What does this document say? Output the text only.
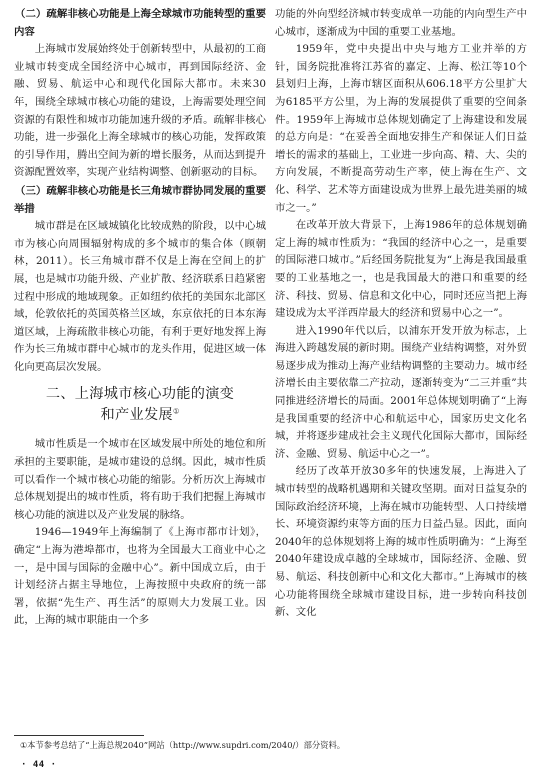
（二）疏解非核心功能是上海全球城市功能转型的重要内容

上海城市发展始终处于创新转型中，从最初的工商业城市转变成全国经济中心城市，再到国际经济、金融、贸易、航运中心和现代化国际大都市。未来30年，围绕全球城市核心功能的建设，上海需要处理空间资源的有限性和城市功能加速升级的矛盾。疏解非核心功能，进一步强化上海全球城市的核心功能，发挥政策的引导作用，腾出空间为新的增长服务，从而达到提升资源配置效率，实现产业结构调整、创新驱动的目标。

（三）疏解非核心功能是长三角城市群协同发展的重要举措

城市群是在区域城镇化比较成熟的阶段，以中心城市为核心向周围辐射构成的多个城市的集合体（顾朝林，2011）。长三角城市群不仅是上海在空间上的扩展，也是城市功能升级、产业扩散、经济联系日趋紧密过程中形成的地域现象。正如纽约依托的美国东北部区域，伦敦依托的英国英格兰区域，东京依托的日本东海道区域，上海疏散非核心功能，有利于更好地发挥上海作为长三角城市群中心城市的龙头作用，促进区域一体化向更高层次发展。

二、上海城市核心功能的演变
和产业发展①

城市性质是一个城市在区域发展中所处的地位和所承担的主要职能，是城市建设的总纲。因此，城市性质可以看作一个城市核心功能的缩影。分析历次上海城市总体规划提出的城市性质，将有助于我们把握上海城市核心功能的演进以及产业发展的脉络。

1946—1949年上海编制了《上海市都市计划》，确定“上海为港埠都市，也将为全国最大工商业中心之一，是中国与国际的金融中心”。新中国成立后，由于计划经济占据主导地位，上海按照中央政府的统一部署，依据“先生产、再生活”的原则大力发展工业。因此，上海的城市职能由一个多

功能的外向型经济城市转变成单一功能的内向型生产中心城市，逐渐成为中国的重要工业基地。

1959年，党中央提出中央与地方工业并举的方针，国务院批准将江苏省的嘉定、上海、松江等10个县划归上海，上海市辖区面积从606.18平方公里扩大为6185平方公里，为上海的发展提供了重要的空间条件。1959年上海城市总体规划确定了上海建设和发展的总方向是：“在妥善全面地安排生产和保证人们日益增长的需求的基础上，工业进一步向高、精、大、尖的方向发展，不断提高劳动生产率，使上海在生产、文化、科学、艺术等方面建设成为世界上最先进美丽的城市之一。”

在改革开放大背景下，上海1986年的总体规划确定上海的城市性质为：“我国的经济中心之一，是重要的国际港口城市。”后经国务院批复为“上海是我国最重要的工业基地之一，也是我国最大的港口和重要的经济、科技、贸易、信息和文化中心，同时还应当把上海建设成为太平洋西岸最大的经济和贸易中心之一”。

进入1990年代以后，以浦东开发开放为标志，上海进入跨越发展的新时期。围绕产业结构调整，对外贸易逐步成为推动上海产业结构调整的主要动力。城市经济增长由主要依靠二产拉动，逐渐转变为“二三并重”共同推进经济增长的局面。2001年总体规划明确了“上海是我国重要的经济中心和航运中心，国家历史文化名城，并将逐步建成社会主义现代化国际大都市，国际经济、金融、贸易、航运中心之一”。

经历了改革开放30多年的快速发展，上海进入了城市转型的战略机遇期和关键攻坚期。面对日益复杂的国际政治经济环境，上海在城市功能转型、人口持续增长、环境资源约束等方面的压力日益凸显。因此，面向2040年的总体规划将上海的城市性质明确为：“上海至2040年建设成卓越的全球城市，国际经济、金融、贸易、航运、科技创新中心和文化大都市。”上海城市的核心功能将围绕全球城市建设目标，进一步转向科技创新、文化

①本节参考总结了“上海总规2040”网站（http://www.supdri.com/2040/）部分资料。
· 44 ·
